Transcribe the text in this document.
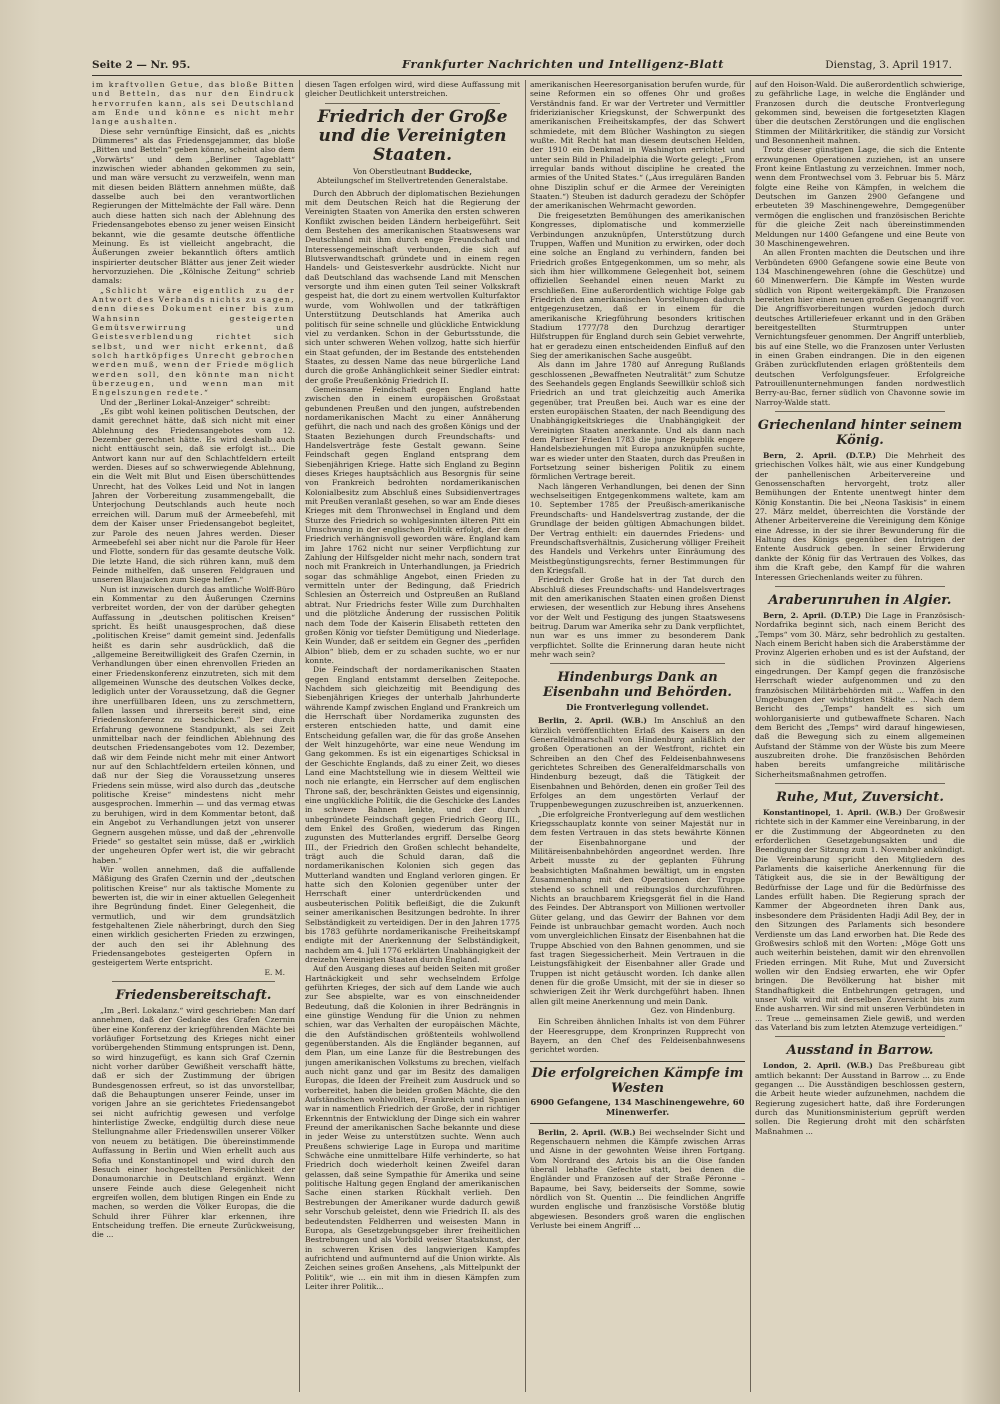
Seite 2 — Nr. 95.	Frankfurter Nachrichten und Intelligenz-Blatt	Dienstag, 3. April 1917.

im kraftvollen Getue, das bloße Bitten und Betteln, das nur den Eindruck hervorrufen kann, als sei Deutschland am Ende und könne es nicht mehr lange aushalten.

Diese sehr vernünftige Einsicht, daß es „nichts Dümmeres“ als das Friedensgejammer, das bloße „Bitten und Betteln“ geben könne, scheint also dem „Vorwärts“ und dem „Berliner Tageblatt“ inzwischen wieder abhanden gekommen zu sein, und man wäre versucht zu verzweifeln, wenn man mit diesen beiden Blättern annehmen müßte, daß dasselbe auch bei den verantwortlichen Regierungen der Mittelmächte der Fall wäre. Denn auch diese hatten sich nach der Ablehnung des Friedensangebotes ebenso zu jener weisen Einsicht bekannt, wie die gesamte deutsche öffentliche Meinung. Es ist vielleicht angebracht, die Äußerungen zweier bekanntlich öfters amtlich inspirierter deutscher Blätter aus jener Zeit wieder hervorzuziehen. Die „Kölnische Zeitung“ schrieb damals:

„Schlicht wäre eigentlich zu der Antwort des Verbands nichts zu sagen, denn dieses Dokument einer bis zum Wahnsinn gesteigerten Gemütsverwirrung und Geistesverblendung richtet sich selbst, und wer nicht erkennt, daß solch hartköpfiges Unrecht gebrochen werden muß, wenn der Friede möglich werden soll, den könnte man nicht überzeugen, und wenn man mit Engelszungen redete.“

Und der „Berliner Lokal-Anzeiger“ schreibt:

„Es gibt wohl keinen politischen Deutschen, der damit gerechnet hätte, daß sich nicht mit einer Ablehnung des Friedensangebotes vom 12. Dezember gerechnet hätte. Es wird deshalb auch nicht enttäuscht sein, daß sie erfolgt ist... Die Antwort kann nur auf den Schlachtfeldern erteilt werden. Dieses auf so schwerwiegende Ablehnung, ein die Welt mit Blut und Eisen überschüttendes Unrecht, hat des Volkes Leid und Not in langen Jahren der Vorbereitung zusammengeballt, die Unterjochung Deutschlands auch heute noch erreichen will. Darum muß der Armeebefehl, mit dem der Kaiser unser Friedensangebot begleitet, zur Parole des neuen Jahres werden. Dieser Armeebefehl sei aber nicht nur die Parole für Heer und Flotte, sondern für das gesamte deutsche Volk. Die letzte Hand, die sich rühren kann, muß dem Feinde mithelfen, daß unseren Feldgrauen und unseren Blaujacken zum Siege helfen.“

Nun ist inzwischen durch das amtliche Wolff-Büro ein Kommentar zu den Äußerungen Czernins verbreitet worden, der von der darüber gehegten Auffassung in „deutschen politischen Kreisen“ spricht. Es heißt unausgesprochen, daß diese „politischen Kreise“ damit gemeint sind. Jedenfalls heißt es darin sehr ausdrücklich, daß die „allgemeine Bereitwilligkeit des Grafen Czernin, in Verhandlungen über einen ehrenvollen Frieden an einer Friedenskonferenz einzutreten, sich mit dem allgemeinen Wunsche des deutschen Volkes decke, lediglich unter der Voraussetzung, daß die Gegner ihre unerfüllbaren Ideen, uns zu zerschmettern, fallen lassen und ihrerseits bereit sind, eine Friedenskonferenz zu beschicken.“ Der durch Erfahrung gewonnene Standpunkt, als sei Zeit unmittelbar nach der feindlichen Ablehnung des deutschen Friedensangebotes vom 12. Dezember, daß wir dem Feinde nicht mehr mit einer Antwort nur auf den Schlachtfeldern erteilen können, und daß nur der Sieg die Voraussetzung unseres Friedens sein müsse, wird also durch das „deutsche politische Kreise“ mindestens nicht mehr ausgesprochen. Immerhin — und das vermag etwas zu beruhigen, wird in dem Kommentar betont, daß ein Angebot zu Verhandlungen jetzt von unserer Gegnern ausgehen müsse, und daß der „ehrenvolle Friede“ so gestaltet sein müsse, daß er „wirklich der ungeheuren Opfer wert ist, die wir gebracht haben.“

Wir wollen annehmen, daß die auffallende Mäßigung des Grafen Czernin und der „deutschen politischen Kreise“ nur als taktische Momente zu bewerten ist, die wir in einer aktuellen Gelegenheit ihre Begründung findet. Einer Gelegenheit, die vermutlich, und wir dem grundsätzlich festgehaltenen Ziele näherbringt, durch den Sieg einen wirklich gesicherten Frieden zu erzwingen, der auch den sei ihr Ablehnung des Friedensangebotes gesteigerten Opfern in gesteigertem Werte entspricht.

E. M.
Friedensbereitschaft.

„Im „Berl. Lokalanz.“ wird geschrieben: Man darf annehmen, daß der Gedanke des Grafen Czernin über eine Konferenz der kriegführenden Mächte bei vorläufiger Fortsetzung des Krieges nicht einer vorübergehenden Stimmung entsprungen ist. Denn, so wird hinzugefügt, es kann sich Graf Czernin nicht vorher darüber Gewißheit verschafft hätte, daß er sich der Zustimmung der übrigen Bundesgenossen erfreut, so ist das unvorstellbar, daß die Behauptungen unserer Feinde, unser im vorigen Jahre an sie gerichtetes Friedensangebot sei nicht aufrichtig gewesen und verfolge hinterlistige Zwecke, endgültig durch diese neue Stellungnahme aller Friedenswillen unserer Völker von neuem zu betätigen. Die übereinstimmende Auffassung in Berlin und Wien erhellt auch aus Sofia und Konstantinopel und wird durch den Besuch einer hochgestellten Persönlichkeit der Donaumonarchie in Deutschland ergänzt. Wenn unsere Feinde auch diese Gelegenheit nicht ergreifen wollen, dem blutigen Ringen ein Ende zu machen, so werden die Völker Europas, die die Schuld ihrer Führer klar erkennen, ihre Entscheidung treffen. Die erneute Zurückweisung, die ...

diesen Tagen erfolgen wird, wird diese Auffassung mit gleicher Deutlichkeit unterstreichen.

Friedrich der Große und die Vereinigten Staaten.
Von Oberstleutnant Buddecke,
Abteilungschef im Stellvertretenden Generalstabe.

Durch den Abbruch der diplomatischen Beziehungen mit dem Deutschen Reich hat die Regierung der Vereinigten Staaten von Amerika den ersten schweren Konflikt zwischen beiden Ländern herbeigeführt. Seit dem Bestehen des amerikanischen Staatswesens war Deutschland mit ihm durch enge Freundschaft und Interessengemeinschaft verbunden, die sich auf Blutsverwandtschaft gründete und in einem regen Handels- und Geistesverkehr ausdrückte. Nicht nur daß Deutschland das wachsende Land mit Menschen versorgte und ihm einen guten Teil seiner Volkskraft gespeist hat, die dort zu einem wertvollen Kulturfaktor wurde, vom Wohlwollen und der tatkräftigen Unterstützung Deutschlands hat Amerika auch politisch für seine schnelle und glückliche Entwicklung viel zu verdanken. Schon in der Geburtsstunde, die sich unter schweren Wehen vollzog, hatte sich hierfür ein Staat gefunden, der im Bestande des entstehenden Staates, zu dessen Name das neue bürgerliche Land durch die große Anhänglichkeit seiner Siedler eintrat: der große Preußenkönig Friedrich II.

Gemeinsame Feindschaft gegen England hatte zwischen den in einem europäischen Großstaat gebundenen Preußen und den jungen, aufstrebenden nordamerikanischen Macht zu einer Annäherung geführt, die nach und nach des großen Königs und der Staaten Beziehungen durch Freundschafts- und Handelsverträge feste Gestalt gewann. Seine Feindschaft gegen England entsprang dem Siebenjährigen Kriege. Hatte sich England zu Beginn dieses Krieges hauptsächlich aus Besorgnis für seine von Frankreich bedrohten nordamerikanischen Kolonialbesitz zum Abschluß eines Subsidienvertrages mit Preußen veranlaßt gesehen, so war am Ende dieses Krieges mit dem Thronwechsel in England und dem Sturze des Friedrich so wohlgesinnten älteren Pitt ein Umschwung in der englischen Politik erfolgt, der dem Friedrich verhängnisvoll geworden wäre. England kam im Jahre 1762 nicht nur seiner Verpflichtung zur Zahlung der Hilfsgelder nicht mehr nach, sondern trat noch mit Frankreich in Unterhandlungen, ja Friedrich sogar das schmählige Angebot, einen Frieden zu vermitteln unter der Bedingung, daß Friedrich Schlesien an Österreich und Ostpreußen an Rußland abtrat. Nur Friedrichs fester Wille zum Durchhalten und die plötzliche Änderung der russischen Politik nach dem Tode der Kaiserin Elisabeth retteten den großen König vor tiefster Demütigung und Niederlage. Kein Wunder, daß er seitdem ein Gegner des „perfiden Albion“ blieb, dem er zu schaden suchte, wo er nur konnte.

Die Feindschaft der nordamerikanischen Staaten gegen England entstammt derselben Zeitepoche. Nachdem sich gleichzeitig mit Beendigung des Siebenjährigen Krieges der unterhalb Jahrhunderte währende Kampf zwischen England und Frankreich um die Herrschaft über Nordamerika zugunsten des ersteren entschieden hatte, und damit eine Entscheidung gefallen war, die für das große Ansehen der Welt hinzugehörte, war eine neue Wendung im Gang gekommen. Es ist ein eigenartiges Schicksal in der Geschichte Englands, daß zu einer Zeit, wo dieses Land eine Machtstellung wie in diesem Weltteil wie noch nie erlangte, ein Herrscher auf dem englischen Throne saß, der, beschränkten Geistes und eigensinnig, eine unglückliche Politik, die die Geschicke des Landes in schwere Bahnen lenkte, und der durch unbegründete Feindschaft gegen Friedrich Georg III., dem Enkel des Großen, wiederum das Ringen zugunsten des Mutterlandes ergriff. Derselbe Georg III., der Friedrich den Großen schlecht behandelte, trägt auch die Schuld daran, daß die nordamerikanischen Kolonien sich gegen das Mutterland wandten und England verloren gingen. Er hatte sich den Kolonien gegenüber unter der Herrschaft einer unterdrückenden und ausbeuterischen Politik befleißigt, die die Zukunft seiner amerikanischen Besitzungen bedrohte. In ihrer Selbständigkeit zu verteidigen. Der in den Jahren 1775 bis 1783 geführte nordamerikanische Freiheitskampf endigte mit der Anerkennung der Selbständigkeit, nachdem am 4. Juli 1776 erklärten Unabhängigkeit der dreizehn Vereinigten Staaten durch England.

Auf den Ausgang dieses auf beiden Seiten mit großer Hartnäckigkeit und sehr wechselndem Erfolge geführten Krieges, der sich auf dem Lande wie auch zur See abspielte, war es von einschneidender Bedeutung, daß die Kolonien in ihrer Bedrängnis in eine günstige Wendung für die Union zu nehmen schien, war das Verhalten der europäischen Mächte, die den Aufständischen größtenteils wohlwollend gegenüberstanden. Als die Engländer begannen, auf dem Plan, um eine Lanze für die Bestrebungen des jungen amerikanischen Volkstums zu brechen, vielfach auch nicht ganz und gar im Besitz des damaligen Europas, die Ideen der Freiheit zum Ausdruck und so vorbereitet, haben die beiden großen Mächte, die den Aufständischen wohlwollten, Frankreich und Spanien war in namentlich Friedrich der Große, der in richtiger Erkenntnis der Entwicklung der Dinge sich ein wahrer Freund der amerikanischen Sache bekannte und diese in jeder Weise zu unterstützen suchte. Wenn auch Preußens schwierige Lage in Europa und maritime Schwäche eine unmittelbare Hilfe verhinderte, so hat Friedrich doch wiederholt keinen Zweifel daran gelassen, daß seine Sympathie für Amerika und seine politische Haltung gegen England der amerikanischen Sache einen starken Rückhalt verlieh. Den Bestrebungen der Amerikaner wurde dadurch gewiß sehr Vorschub geleistet, denn wie Friedrich II. als des bedeutendsten Feldherren und weisesten Mann in Europa, als Gesetzgebungsgeber ihrer freiheitlichen Bestrebungen und als Vorbild weiser Staatskunst, der in schweren Krisen des langwierigen Kampfes aufrichtend und aufmunternd auf die Union wirkte. Als Zeichen seines großen Ansehens, „als Mittelpunkt der Politik“, wie ... ein mit ihm in diesen Kämpfen zum Leiter ihrer Politik...

amerikanischen Heeresorganisation berufen wurde, für seine Reformen ein so offenes Ohr und großes Verständnis fand. Er war der Vertreter und Vermittler friderizianischer Kriegskunst, der Schwerpunkt des amerikanischen Freiheitskampfes, der das Schwert schmiedete, mit dem Blücher Washington zu siegen wußte. Mit Recht hat man diesem deutschen Helden, der 1910 ein Denkmal in Washington errichtet und unter sein Bild in Philadelphia die Worte gelegt: „From irregular bands without discipline he created the armies of the United States.“ („Aus irregulären Banden ohne Disziplin schuf er die Armee der Vereinigten Staaten.“) Steuben ist dadurch geradezu der Schöpfer der amerikanischen Wehrmacht geworden.

Die freigesetzten Bemühungen des amerikanischen Kongresses, diplomatische und kommerzielle Verbindungen anzuknüpfen, Unterstützung durch Truppen, Waffen und Munition zu erwirken, oder doch eine solche an England zu verhindern, fanden bei Friedrich großes Entgegenkommen, um so mehr, als sich ihm hier willkommene Gelegenheit bot, seinem offiziellen Seehandel einen neuen Markt zu erschließen. Eine außerordentlich wichtige Folge gab Friedrich den amerikanischen Vorstellungen dadurch entgegenzusetzen, daß er in einem für die amerikanische Kriegführung besonders kritischen Stadium 1777/78 den Durchzug derartiger Hilfstruppen für England durch sein Gebiet verwehrte, hat er geradezu einen entscheidenden Einfluß auf den Sieg der amerikanischen Sache ausgeübt.

Als dann im Jahre 1780 auf Anregung Rußlands geschlossenen „Bewaffneten Neutralität“ zum Schutze des Seehandels gegen Englands Seewillkür schloß sich Friedrich an und trat gleichzeitig auch Amerika gegenüber, trat Preußen bei. Auch war es eine der ersten europäischen Staaten, der nach Beendigung des Unabhängigkeitskrieges die Unabhängigkeit der Vereinigten Staaten anerkannte. Und als dann nach dem Pariser Frieden 1783 die junge Republik engere Handelsbeziehungen mit Europa anzuknüpfen suchte, war es wieder unter den Staaten, durch das Preußen in Fortsetzung seiner bisherigen Politik zu einem förmlichen Vertrage bereit.

Nach längeren Verhandlungen, bei denen der Sinn wechselseitigen Entgegenkommens waltete, kam am 10. September 1785 der Preußisch-amerikanische Freundschafts- und Handelsvertrag zustande, der die Grundlage der beiden gültigen Abmachungen bildet. Der Vertrag enthielt: ein dauerndes Friedens- und Freundschaftsverhältnis, Zusicherung völliger Freiheit des Handels und Verkehrs unter Einräumung des Meistbegünstigungsrechts, ferner Bestimmungen für den Kriegsfall.

Friedrich der Große hat in der Tat durch den Abschluß dieses Freundschafts- und Handelsvertrages mit den amerikanischen Staaten einen großen Dienst erwiesen, der wesentlich zur Hebung ihres Ansehens vor der Welt und Festigung des jungen Staatswesens beitrug. Darum war Amerika sehr zu Dank verpflichtet, nun war es uns immer zu besonderem Dank verpflichtet. Sollte die Erinnerung daran heute nicht mehr wach sein?

Hindenburgs Dank an Eisenbahn und Behörden.
Die Frontverlegung vollendet.

Berlin, 2. April. (W.B.) Im Anschluß an den kürzlich veröffentlichten Erlaß des Kaisers an den Generalfeldmarschall von Hindenburg anläßlich der großen Operationen an der Westfront, richtet ein Schreiben an den Chef des Feldeisenbahnwesens gerichtetes Schreiben des Generalfeldmarschalls von Hindenburg bezeugt, daß die Tätigkeit der Eisenbahnen und Behörden, denen ein großer Teil des Erfolges an dem ungestörten Verlauf der Truppenbewegungen zuzuschreiben ist, anzuerkennen.

„Die erfolgreiche Frontverlegung auf dem westlichen Kriegsschauplatz konnte von seiner Majestät nur in dem festen Vertrauen in das stets bewährte Können der Eisenbahnorgane und der Militäreisenbahnbehörden angeordnet werden. Ihre Arbeit musste zu der geplanten Führung beabsichtigten Maßnahmen bewältigt, um in engsten Zusammenhang mit den Operationen der Truppe stehend so schnell und reibungslos durchzuführen. Nichts an brauchbarem Kriegsgerät fiel in die Hand des Feindes. Der Abtransport von Millionen wertvoller Güter gelang, und das Gewirr der Bahnen vor dem Feinde ist unbrauchbar gemacht worden. Auch noch vom unvergleichlichen Einsatz der Eisenbahnen hat die Truppe Abschied von den Bahnen genommen, und sie fast tragen Siegessicherheit. Mein Vertrauen in die Leistungsfähigkeit der Eisenbahner aller Grade und Truppen ist nicht getäuscht worden. Ich danke allen denen für die große Umsicht, mit der sie in dieser so schwierigen Zeit ihr Werk durchgeführt haben. Ihnen allen gilt meine Anerkennung und mein Dank.

Gez. von Hindenburg.

Ein Schreiben ähnlichen Inhalts ist von dem Führer der Heeresgruppe, dem Kronprinzen Rupprecht von Bayern, an den Chef des Feldeisenbahnwesens gerichtet worden.

Die erfolgreichen Kämpfe im Westen
6900 Gefangene, 134 Maschinengewehre, 60 Minenwerfer.

Berlin, 2. April. (W.B.) Bei wechselnder Sicht und Regenschauern nehmen die Kämpfe zwischen Arras und Aisne in der gewohnten Weise ihren Fortgang. Vom Nordrand des Artois bis an die Oise fanden überall lebhafte Gefechte statt, bei denen die Engländer und Franzosen auf der Straße Péronne – Bapaume, bei Savy, beiderseits der Somme, sowie nördlich von St. Quentin ... Die feindlichen Angriffe wurden englische und französische Vorstöße blutig abgewiesen. Besonders groß waren die englischen Verluste bei einem Angriff ...

auf den Hoison-Wald. Die außerordentlich schwierige, zu gefährliche Lage, in welche die Engländer und Franzosen durch die deutsche Frontverlegung gekommen sind, beweisen die fortgesetzten Klagen über die deutschen Zerstörungen und die englischen Stimmen der Militärkritiker, die ständig zur Vorsicht und Besonnenheit mahnen.

Trotz dieser günstigen Lage, die sich die Entente erzwungenen Operationen zuziehen, ist an unsere Front keine Entlastung zu verzeichnen. Immer noch, wenn dem Frontwechsel vom 3. Februar bis 5. März folgte eine Reihe von Kämpfen, in welchem die Deutschen im Ganzen 2900 Gefangene und erbeuteten 39 Maschinengewehre, Demgegenüber vermögen die englischen und französischen Berichte für die gleiche Zeit nach übereinstimmenden Meldungen nur 1400 Gefangene und eine Beute von 30 Maschinengewehren.

An allen Fronten machten die Deutschen und ihre Verbündeten 6900 Gefangene sowie eine Beute von 134 Maschinengewehren (ohne die Geschütze) und 60 Minenwerfern. Die Kämpfe im Westen wurde südlich von Ripont weitergekämpft. Die Franzosen bereiteten hier einen neuen großen Gegenangriff vor. Die Angriffsvorbereitungen wurden jedoch durch deutsches Artilleriefeuer erkannt und in den Gräben bereitgestellten Sturmtruppen unter Vernichtungsfeuer genommen. Der Angriff unterblieb, bis auf eine Stelle, wo die Franzosen unter Verlusten in einen Graben eindrangen. Die in den eigenen Gräben zurückflutenden erlagen größtenteils dem deutschen Verfolgungsfeuer. Erfolgreiche Patrouillenunternehmungen fanden nordwestlich Berry-au-Bac, ferner südlich von Chavonne sowie im Narroy-Walde statt.

Griechenland hinter seinem König.

Bern, 2. April. (D.T.P.) Die Mehrheit des griechischen Volkes hält, wie aus einer Kundgebung der panhellenischen Arbeitervereine und Genossenschaften hervorgeht, trotz aller Bemühungen der Entente unentwegt hinter dem König Konstantin. Die bei „Neona Taskisis“ in einem 27. März meldet, überreichten die Vorstände der Athener Arbeitervereine die Vereinigung dem Könige eine Adresse, in der sie ihrer Bewunderung für die Haltung des Königs gegenüber den Intrigen der Entente Ausdruck geben. In seiner Erwiderung dankte der König für das Vertrauen des Volkes, das ihm die Kraft gebe, den Kampf für die wahren Interessen Griechenlands weiter zu führen.

Araberunruhen in Algier.

Bern, 2. April. (D.T.P.) Die Lage in Französisch-Nordafrika beginnt sich, nach einem Bericht des „Temps“ vom 30. März, sehr bedrohlich zu gestalten. Nach einem Bericht haben sich die Araberstämme der Provinz Algerien erhoben und es ist der Aufstand, der sich in die südlichen Provinzen Algeriens eingedrungen. Der Kampf gegen die französische Herrschaft wieder aufgenommen und zu den französischen Militärbehörden mit ... Waffen in den Umgebungen der wichtigsten Städte ... Nach dem Bericht des „Temps“ handelt es sich um wohlorganisierte und gutbewaffnete Scharen. Nach dem Bericht des „Temps“ wird darauf hingewiesen, daß die Bewegung sich zu einem allgemeinen Aufstand der Stämme von der Wüste bis zum Meere auszubreiten drohe. Die französischen Behörden haben bereits umfangreiche militärische Sicherheitsmaßnahmen getroffen.

Ruhe, Mut, Zuversicht.

Konstantinopel, 1. April. (W.B.) Der Großwesir richtete sich in der Kammer eine Vereinbarung, in der er die Zustimmung der Abgeordneten zu den erforderlichen Gesetzgebungsakten und die Beendigung der Sitzung zum 1. November ankündigt. Die Vereinbarung spricht den Mitgliedern des Parlaments die kaiserliche Anerkennung für die Tätigkeit aus, die sie in der Bewältigung der Bedürfnisse der Lage und für die Bedürfnisse des Landes erfüllt haben. Die Regierung sprach der Kammer der Abgeordneten ihren Dank aus, insbesondere dem Präsidenten Hadji Adil Bey, der in den Sitzungen des Parlaments sich besondere Verdienste um das Land erworben hat. Die Rede des Großwesirs schloß mit den Worten: „Möge Gott uns auch weiterhin beistehen, damit wir den ehrenvollen Frieden erringen. Mit Ruhe, Mut und Zuversicht wollen wir den Endsieg erwarten, ehe wir Opfer bringen. Die Bevölkerung hat bisher mit Standhaftigkeit die Entbehrungen getragen, und unser Volk wird mit derselben Zuversicht bis zum Ende ausharren. Wir sind mit unseren Verbündeten in ... Treue ... gemeinsamen Ziele gewiß, und werden das Vaterland bis zum letzten Atemzuge verteidigen.“

Ausstand in Barrow.

London, 2. April. (W.B.) Das Preßbureau gibt amtlich bekannt: Der Ausstand in Barrow ... zu Ende gegangen ... Die Ausständigen beschlossen gestern, die Arbeit heute wieder aufzunehmen, nachdem die Regierung zugesichert hatte, daß ihre Forderungen durch das Munitionsministerium geprüft werden sollen. Die Regierung droht mit den schärfsten Maßnahmen ...
